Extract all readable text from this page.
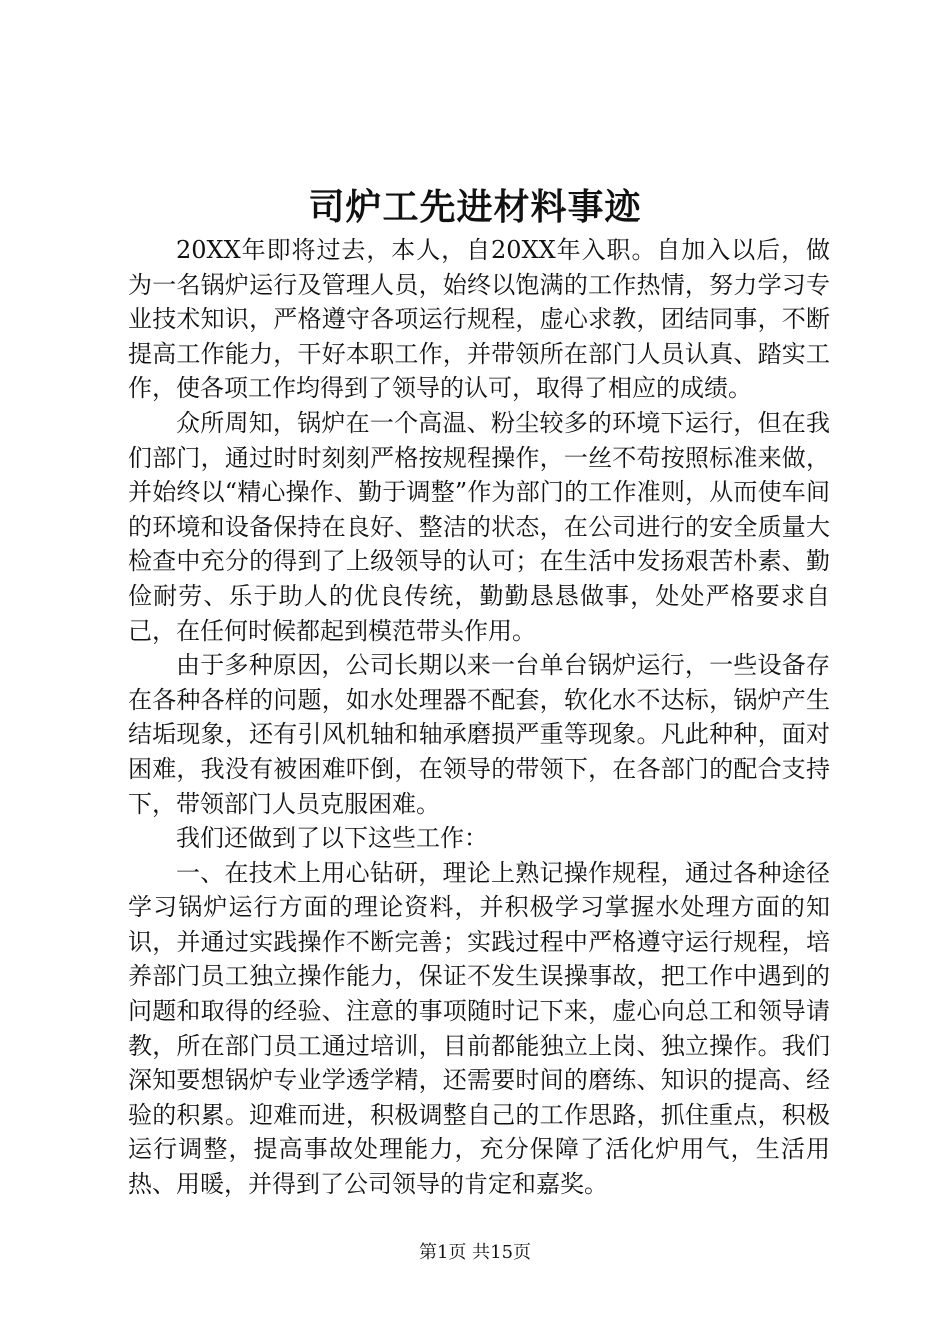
司炉工先进材料事迹

20XX年即将过去，本人，自20XX年入职。自加入以后，做为一名锅炉运行及管理人员，始终以饱满的工作热情，努力学习专业技术知识，严格遵守各项运行规程，虚心求教，团结同事，不断提高工作能力，干好本职工作，并带领所在部门人员认真、踏实工作，使各项工作均得到了领导的认可，取得了相应的成绩。

众所周知，锅炉在一个高温、粉尘较多的环境下运行，但在我们部门，通过时时刻刻严格按规程操作，一丝不苟按照标准来做，并始终以“精心操作、勤于调整”作为部门的工作准则，从而使车间的环境和设备保持在良好、整洁的状态，在公司进行的安全质量大检查中充分的得到了上级领导的认可；在生活中发扬艰苦朴素、勤俭耐劳、乐于助人的优良传统，勤勤恳恳做事，处处严格要求自己，在任何时候都起到模范带头作用。

由于多种原因，公司长期以来一台单台锅炉运行，一些设备存在各种各样的问题，如水处理器不配套，软化水不达标，锅炉产生结垢现象，还有引风机轴和轴承磨损严重等现象。凡此种种，面对困难，我没有被困难吓倒，在领导的带领下，在各部门的配合支持下，带领部门人员克服困难。

我们还做到了以下这些工作：

一、在技术上用心钻研，理论上熟记操作规程，通过各种途径学习锅炉运行方面的理论资料，并积极学习掌握水处理方面的知识，并通过实践操作不断完善；实践过程中严格遵守运行规程，培养部门员工独立操作能力，保证不发生误操事故，把工作中遇到的问题和取得的经验、注意的事项随时记下来，虚心向总工和领导请教，所在部门员工通过培训，目前都能独立上岗、独立操作。我们深知要想锅炉专业学透学精，还需要时间的磨练、知识的提高、经验的积累。迎难而进，积极调整自己的工作思路，抓住重点，积极运行调整，提高事故处理能力，充分保障了活化炉用气，生活用热、用暖，并得到了公司领导的肯定和嘉奖。

第1页 共15页
